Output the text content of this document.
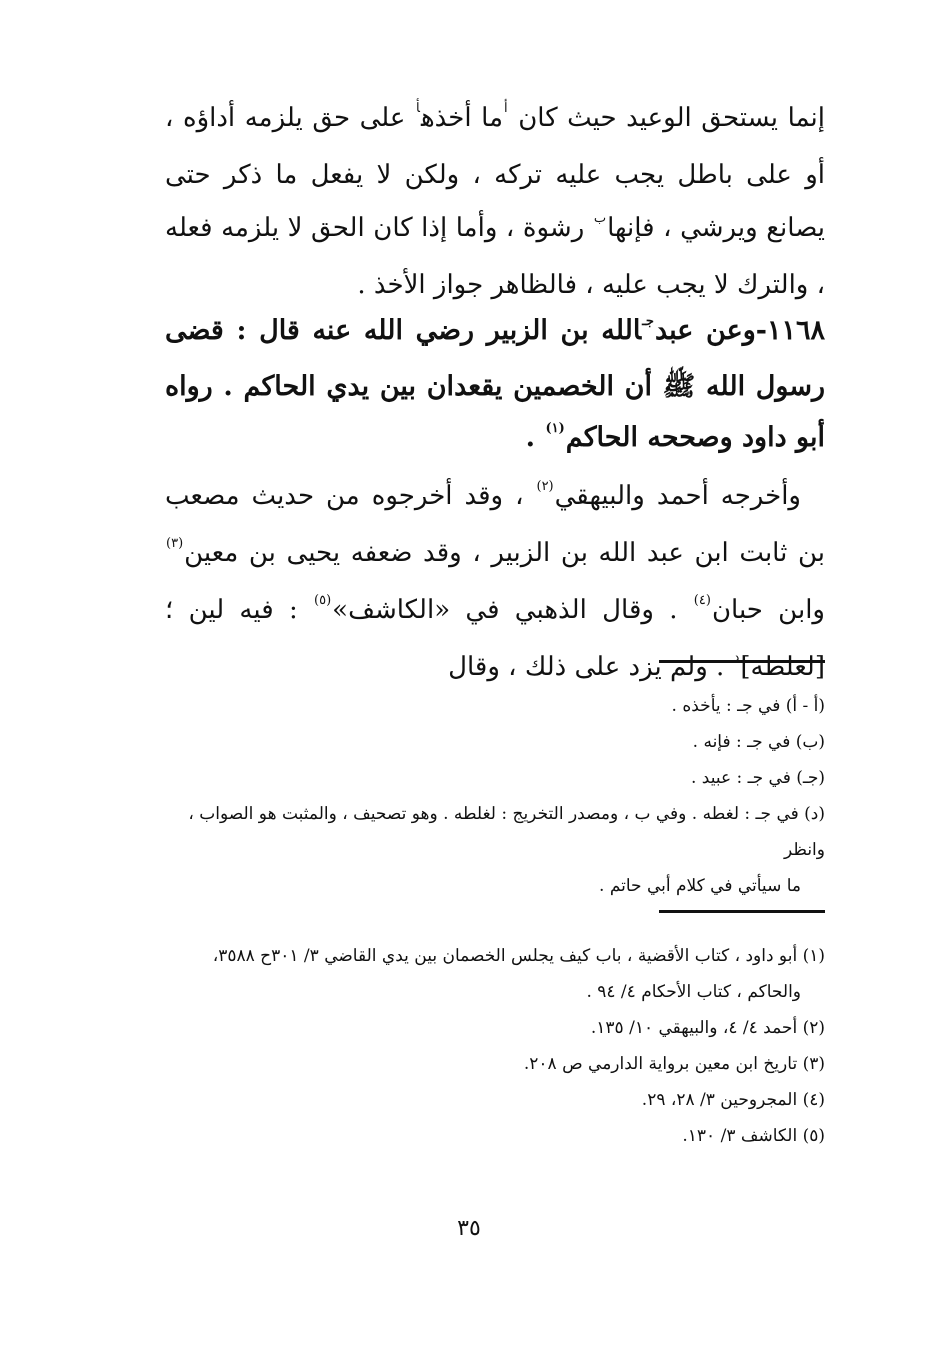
إنما يستحق الوعيد حيث كان $^أ$ما أخذه$^أ$ على حق يلزمه أداؤه ، أو على باطل يجب عليه تركه ، ولكن لا يفعل ما ذكر حتى يصانع ويرشي ، فإنها$^ب$ رشوة ، وأما إذا كان الحق لا يلزمه فعله ، والترك لا يجب عليه ، فالظاهر جواز الأخذ .
١١٦٨-وعن عبد$^{جـ}$الله بن الزبير رضي الله عنه قال : قضى رسول الله ﷺ أن الخصمين يقعدان بين يدي الحاكم . رواه أبو داود وصححه الحاكم$^{(١)}$ .
وأخرجه أحمد والبيهقي$^{(٢)}$ ، وقد أخرجوه من حديث مصعب بن ثابت ابن عبد الله بن الزبير ، وقد ضعفه يحيى بن معين$^{(٣)}$ وابن حبان$^{(٤)}$ . وقال الذهبي في «الكاشف»$^{(٥)}$ : فيه لين ؛ [لغلطه]$^د$ . ولم يزد على ذلك ، وقال

(أ - أ) في جـ : يأخذه .

(ب) في جـ : فإنه .

(جـ) في جـ : عبيد .

(د) في جـ : لغطه . وفي ب ، ومصدر التخريج : لغلطه . وهو تصحيف ، والمثبت هو الصواب ، وانظر
ما سيأتي في كلام أبي حاتم .

(١) أبو داود ، كتاب الأقضية ، باب كيف يجلس الخصمان بين يدي القاضي ٣/ ٣٠١ح ٣٥٨٨،
والحاكم ، كتاب الأحكام ٤/ ٩٤ .

(٢) أحمد ٤/ ٤، والبيهقي ١٠/ ١٣٥.

(٣) تاريخ ابن معين برواية الدارمي ص ٢٠٨.

(٤) المجروحين ٣/ ٢٨، ٢٩.

(٥) الكاشف ٣/ ١٣٠.

٣٥
